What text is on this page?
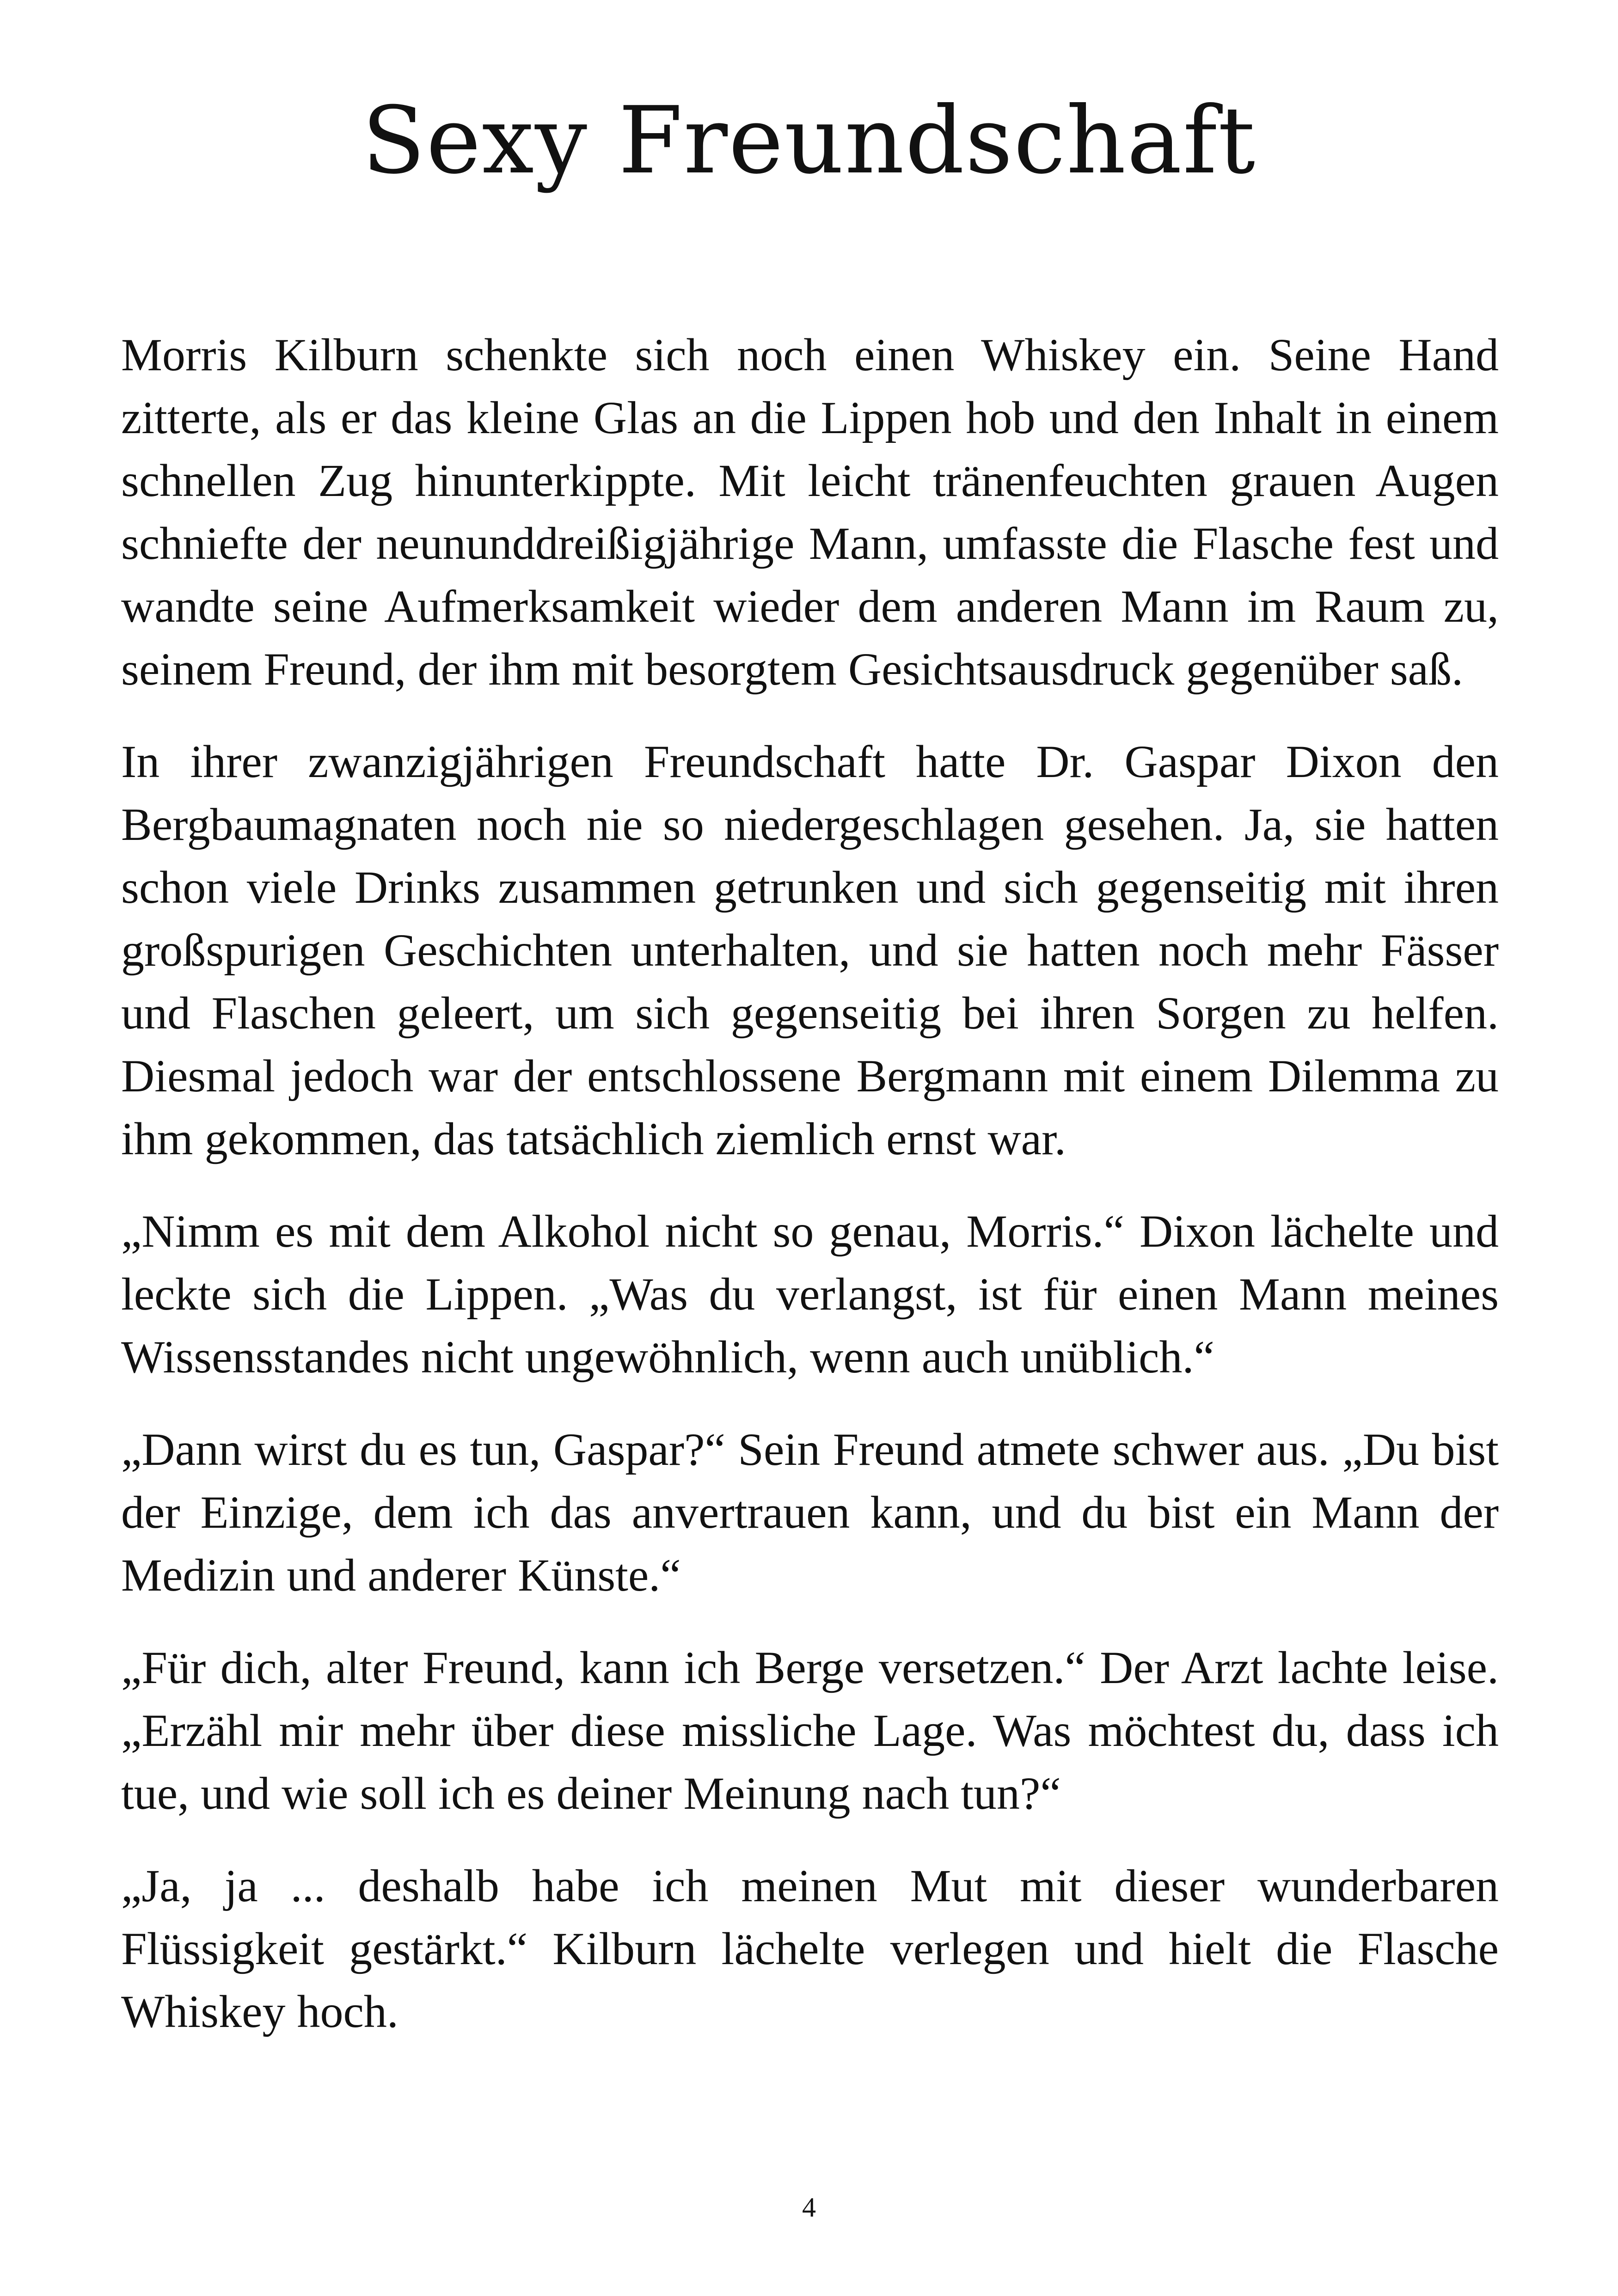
Sexy Freundschaft

Morris Kilburn schenkte sich noch einen Whiskey ein. Seine Hand zitterte, als er das kleine Glas an die Lippen hob und den Inhalt in einem schnellen Zug hinunterkippte. Mit leicht tränenfeuchten grauen Augen schniefte der neununddreißigjährige Mann, umfasste die Flasche fest und wandte seine Aufmerksamkeit wieder dem anderen Mann im Raum zu, seinem Freund, der ihm mit besorgtem Gesichtsausdruck gegenüber saß.

In ihrer zwanzigjährigen Freundschaft hatte Dr. Gaspar Dixon den Bergbaumagnaten noch nie so niedergeschlagen gesehen. Ja, sie hatten schon viele Drinks zusammen getrunken und sich gegenseitig mit ihren großspurigen Geschichten unterhalten, und sie hatten noch mehr Fässer und Flaschen geleert, um sich gegenseitig bei ihren Sorgen zu helfen. Diesmal jedoch war der entschlossene Bergmann mit einem Dilemma zu ihm gekommen, das tatsächlich ziemlich ernst war.

„Nimm es mit dem Alkohol nicht so genau, Morris.“ Dixon lächelte und leckte sich die Lippen. „Was du verlangst, ist für einen Mann meines Wissensstandes nicht ungewöhnlich, wenn auch unüblich.“

„Dann wirst du es tun, Gaspar?“ Sein Freund atmete schwer aus. „Du bist der Einzige, dem ich das anvertrauen kann, und du bist ein Mann der Medizin und anderer Künste.“

„Für dich, alter Freund, kann ich Berge versetzen.“ Der Arzt lachte leise. „Erzähl mir mehr über diese missliche Lage. Was möchtest du, dass ich tue, und wie soll ich es deiner Meinung nach tun?“

„Ja, ja ... deshalb habe ich meinen Mut mit dieser wunderbaren Flüssigkeit gestärkt.“ Kilburn lächelte verlegen und hielt die Flasche Whiskey hoch.

4
